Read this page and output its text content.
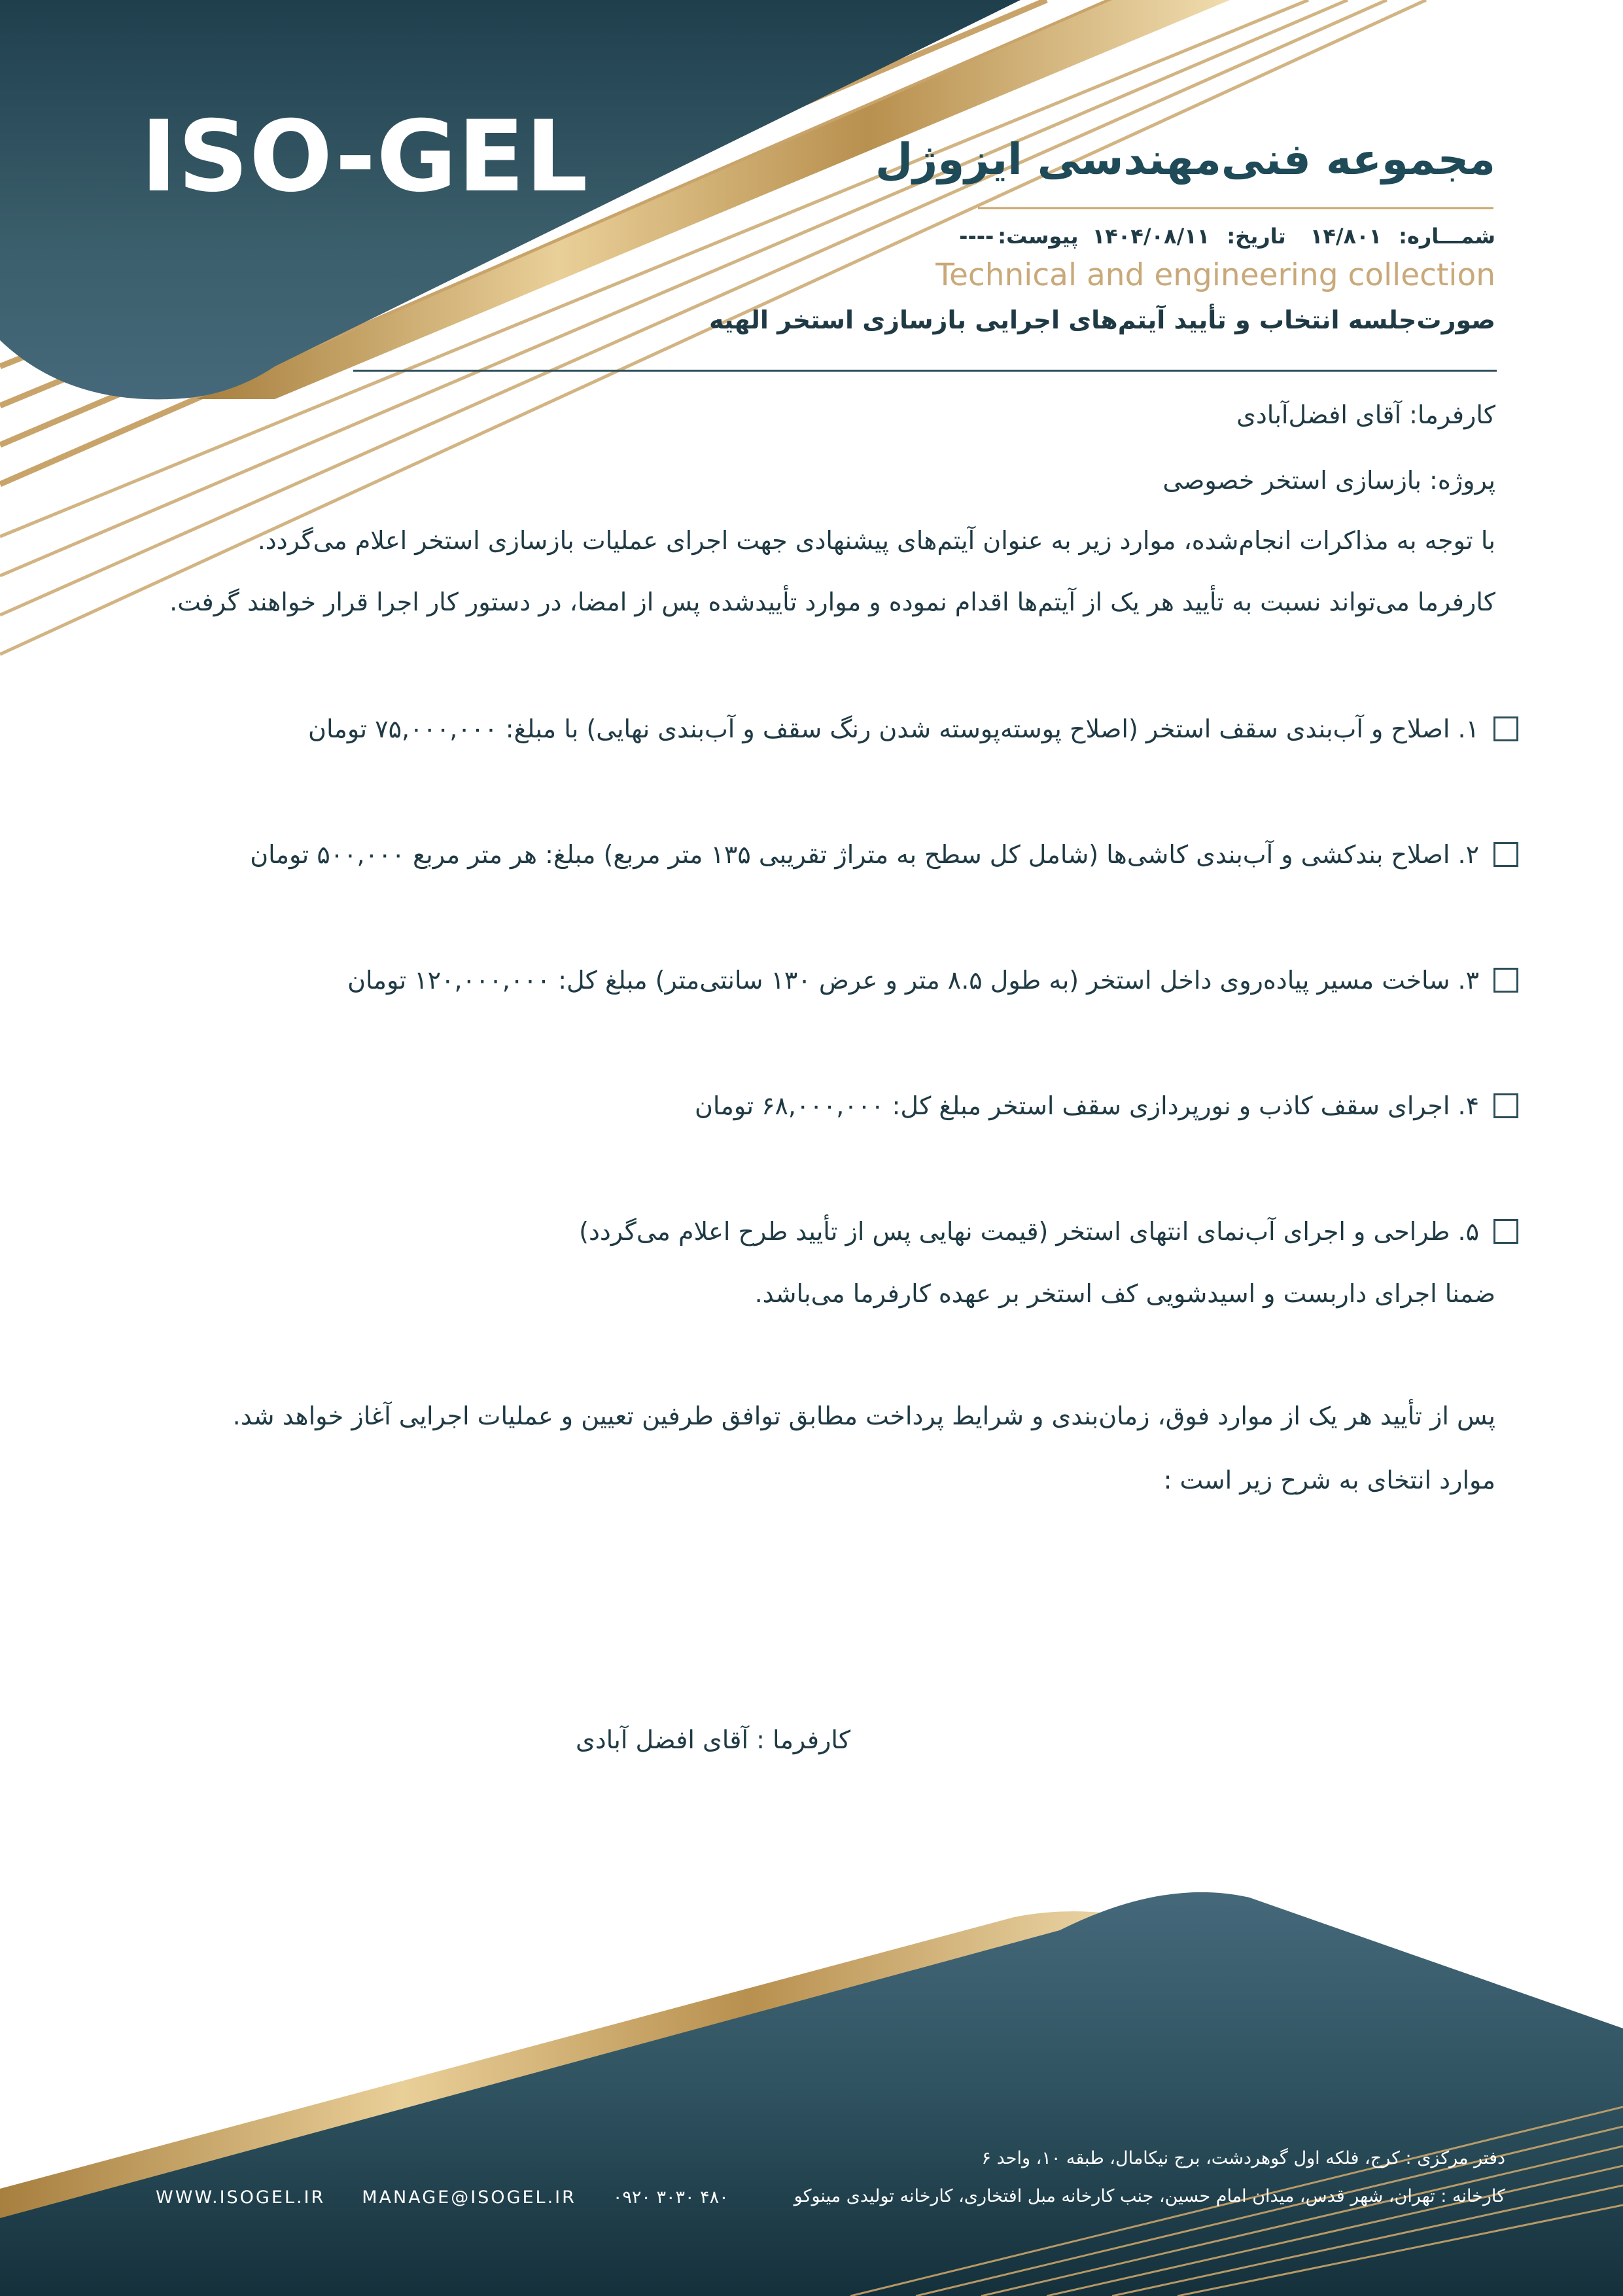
ISO-GEL	مجموعه فنی‌مهندسی ایزوژل
شمـــاره:۱۴/۸۰۱ تاریخ:۱۴۰۴/۰۸/۱۱ پیوست:----
Technical and engineering collection
صورت‌جلسه انتخاب و تأیید آیتم‌های اجرایی بازسازی استخر الهیه
کارفرما: آقای افضل‌آبادی
پروژه: بازسازی استخر خصوصی
با توجه به مذاکرات انجام‌شده، موارد زیر به عنوان آیتم‌های پیشنهادی جهت اجرای عملیات بازسازی استخر اعلام می‌گردد.
کارفرما می‌تواند نسبت به تأیید هر یک از آیتم‌ها اقدام نموده و موارد تأییدشده پس از امضا، در دستور کار اجرا قرار خواهند گرفت.
۱. اصلاح و آب‌بندی سقف استخر (اصلاح پوسته‌پوسته شدن رنگ سقف و آب‌بندی نهایی) با مبلغ: ۷۵,۰۰۰,۰۰۰ تومان
۲. اصلاح بندکشی و آب‌بندی کاشی‌ها (شامل کل سطح به متراژ تقریبی ۱۳۵ متر مربع) مبلغ: هر متر مربع ۵۰۰,۰۰۰ تومان
۳. ساخت مسیر پیاده‌روی داخل استخر (به طول ۸.۵ متر و عرض ۱۳۰ سانتی‌متر) مبلغ کل: ۱۲۰,۰۰۰,۰۰۰ تومان
۴. اجرای سقف کاذب و نورپردازی سقف استخر مبلغ کل: ۶۸,۰۰۰,۰۰۰ تومان
۵. طراحی و اجرای آب‌نمای انتهای استخر (قیمت نهایی پس از تأیید طرح اعلام می‌گردد)
ضمنا اجرای داربست و اسیدشویی کف استخر بر عهده کارفرما می‌باشد.
پس از تأیید هر یک از موارد فوق، زمان‌بندی و شرایط پرداخت مطابق توافق طرفین تعیین و عملیات اجرایی آغاز خواهد شد.
موارد انتخای به شرح زیر است :
کارفرما : آقای افضل آبادی
دفتر مرکزی : کرج، فلکه اول گوهردشت، برج نیکامال، طبقه ۱۰، واحد ۶
کارخانه : تهران، شهر قدس، میدان امام حسین، جنب کارخانه مبل افتخاری، کارخانه تولیدی مینوکو
WWW.ISOGEL.IR MANAGE@ISOGEL.IR ۰۹۲۰ ۳۰۳۰ ۴۸۰
